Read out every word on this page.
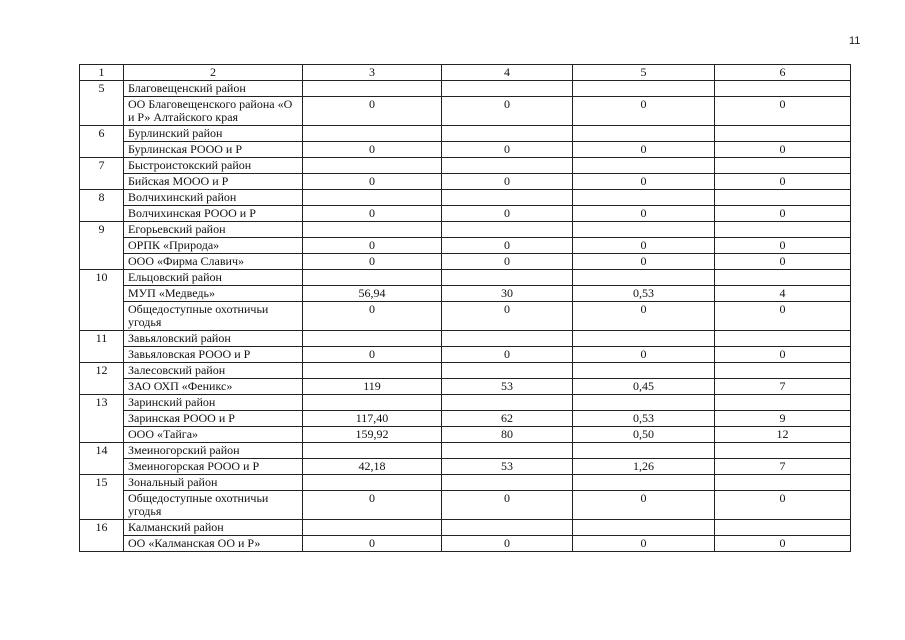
11
1	2	3	4	5	6
5	Благовещенский район				
	ОО Благовещенского района «О и Р» Алтайского края	0	0	0	0
6	Бурлинский район				
	Бурлинская РООО и Р	0	0	0	0
7	Быстроистокский район				
	Бийская МООО и Р	0	0	0	0
8	Волчихинский район				
	Волчихинская РООО и Р	0	0	0	0
9	Егорьевский район				
	ОРПК «Природа»	0	0	0	0
	ООО «Фирма Славич»	0	0	0	0
10	Ельцовский район				
	МУП «Медведь»	56,94	30	0,53	4
	Общедоступные охотничьи угодья	0	0	0	0
11	Завьяловский район				
	Завьяловская РООО и Р	0	0	0	0
12	Залесовский район				
	ЗАО ОХП «Феникс»	119	53	0,45	7
13	Заринский район				
	Заринская РООО и Р	117,40	62	0,53	9
	ООО «Тайга»	159,92	80	0,50	12
14	Змеиногорский район				
	Змеиногорская РООО и Р	42,18	53	1,26	7
15	Зональный район				
	Общедоступные охотничьи угодья	0	0	0	0
16	Калманский район				
	ОО «Калманская ОО и Р»	0	0	0	0
